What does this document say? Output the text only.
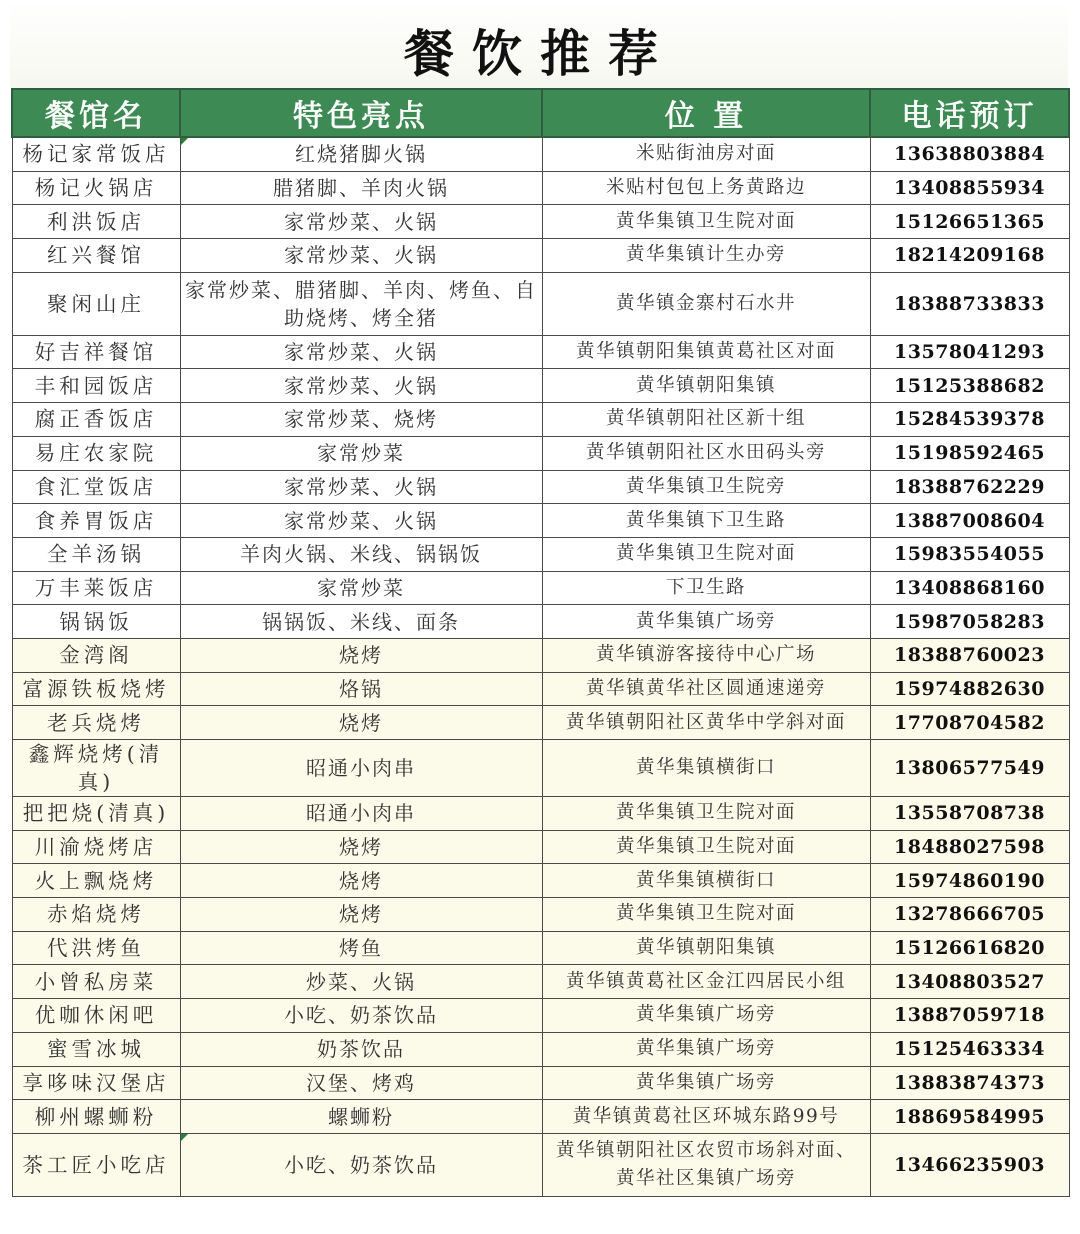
餐饮推荐
餐馆名	特色亮点	位 置	电话预订
杨记家常饭店	红烧猪脚火锅	米贴街油房对面	13638803884
杨记火锅店	腊猪脚、羊肉火锅	米贴村包包上务黄路边	13408855934
利洪饭店	家常炒菜、火锅	黄华集镇卫生院对面	15126651365
红兴餐馆	家常炒菜、火锅	黄华集镇计生办旁	18214209168
聚闲山庄	家常炒菜、腊猪脚、羊肉、烤鱼、自助烧烤、烤全猪	黄华镇金寨村石水井	18388733833
好吉祥餐馆	家常炒菜、火锅	黄华镇朝阳集镇黄葛社区对面	13578041293
丰和园饭店	家常炒菜、火锅	黄华镇朝阳集镇	15125388682
腐正香饭店	家常炒菜、烧烤	黄华镇朝阳社区新十组	15284539378
易庄农家院	家常炒菜	黄华镇朝阳社区水田码头旁	15198592465
食汇堂饭店	家常炒菜、火锅	黄华集镇卫生院旁	18388762229
食养胃饭店	家常炒菜、火锅	黄华集镇下卫生路	13887008604
全羊汤锅	羊肉火锅、米线、锅锅饭	黄华集镇卫生院对面	15983554055
万丰莱饭店	家常炒菜	下卫生路	13408868160
锅锅饭	锅锅饭、米线、面条	黄华集镇广场旁	15987058283
金湾阁	烧烤	黄华镇游客接待中心广场	18388760023
富源铁板烧烤	烙锅	黄华镇黄华社区圆通速递旁	15974882630
老兵烧烤	烧烤	黄华镇朝阳社区黄华中学斜对面	17708704582
鑫辉烧烤(清真)	昭通小肉串	黄华集镇横街口	13806577549
把把烧(清真)	昭通小肉串	黄华集镇卫生院对面	13558708738
川渝烧烤店	烧烤	黄华集镇卫生院对面	18488027598
火上飘烧烤	烧烤	黄华集镇横街口	15974860190
赤焰烧烤	烧烤	黄华集镇卫生院对面	13278666705
代洪烤鱼	烤鱼	黄华镇朝阳集镇	15126616820
小曾私房菜	炒菜、火锅	黄华镇黄葛社区金江四居民小组	13408803527
优咖休闲吧	小吃、奶茶饮品	黄华集镇广场旁	13887059718
蜜雪冰城	奶茶饮品	黄华集镇广场旁	15125463334
享哆味汉堡店	汉堡、烤鸡	黄华集镇广场旁	13883874373
柳州螺蛳粉	螺蛳粉	黄华镇黄葛社区环城东路99号	18869584995
茶工匠小吃店	小吃、奶茶饮品	黄华镇朝阳社区农贸市场斜对面、黄华社区集镇广场旁	13466235903
